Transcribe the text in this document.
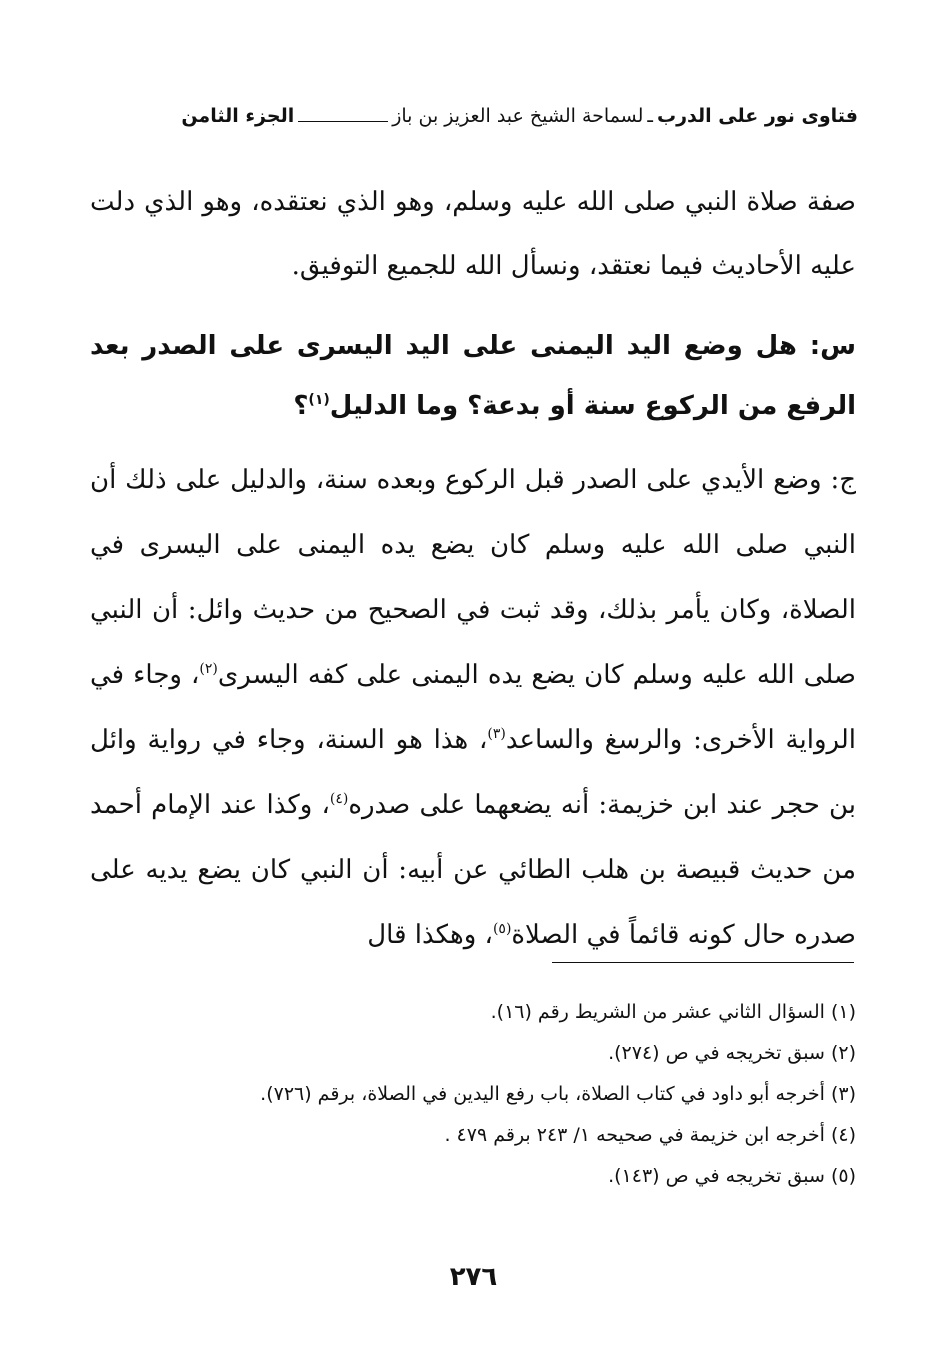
فتاوى نور على الدرب
ـ
لسماحة الشيخ عبد العزيز بن باز
الجزء الثامن
صفة صلاة النبي صلى الله عليه وسلم، وهو الذي نعتقده، وهو الذي دلت عليه الأحاديث فيما نعتقد، ونسأل الله للجميع التوفيق.
س: هل وضع اليد اليمنى على اليد اليسرى على الصدر بعد الرفع من الركوع سنة أو بدعة؟ وما الدليل$^{(١)}$؟
ج: وضع الأيدي على الصدر قبل الركوع وبعده سنة، والدليل على ذلك أن النبي صلى الله عليه وسلم كان يضع يده اليمنى على اليسرى في الصلاة، وكان يأمر بذلك، وقد ثبت في الصحيح من حديث وائل: أن النبي صلى الله عليه وسلم كان يضع يده اليمنى على كفه اليسرى$^{(٢)}$، وجاء في الرواية الأخرى: والرسغ والساعد$^{(٣)}$، هذا هو السنة، وجاء في رواية وائل بن حجر عند ابن خزيمة: أنه يضعهما على صدره$^{(٤)}$، وكذا عند الإمام أحمد من حديث قبيصة بن هلب الطائي عن أبيه: أن النبي كان يضع يديه على صدره حال كونه قائماً في الصلاة$^{(٥)}$، وهكذا قال
(١) السؤال الثاني عشر من الشريط رقم (١٦).
(٢) سبق تخريجه في ص (٢٧٤).
(٣) أخرجه أبو داود في كتاب الصلاة، باب رفع اليدين في الصلاة، برقم (٧٢٦).
(٤) أخرجه ابن خزيمة في صحيحه ١/ ٢٤٣ برقم ٤٧٩ .
(٥) سبق تخريجه في ص (١٤٣).
٢٧٦
